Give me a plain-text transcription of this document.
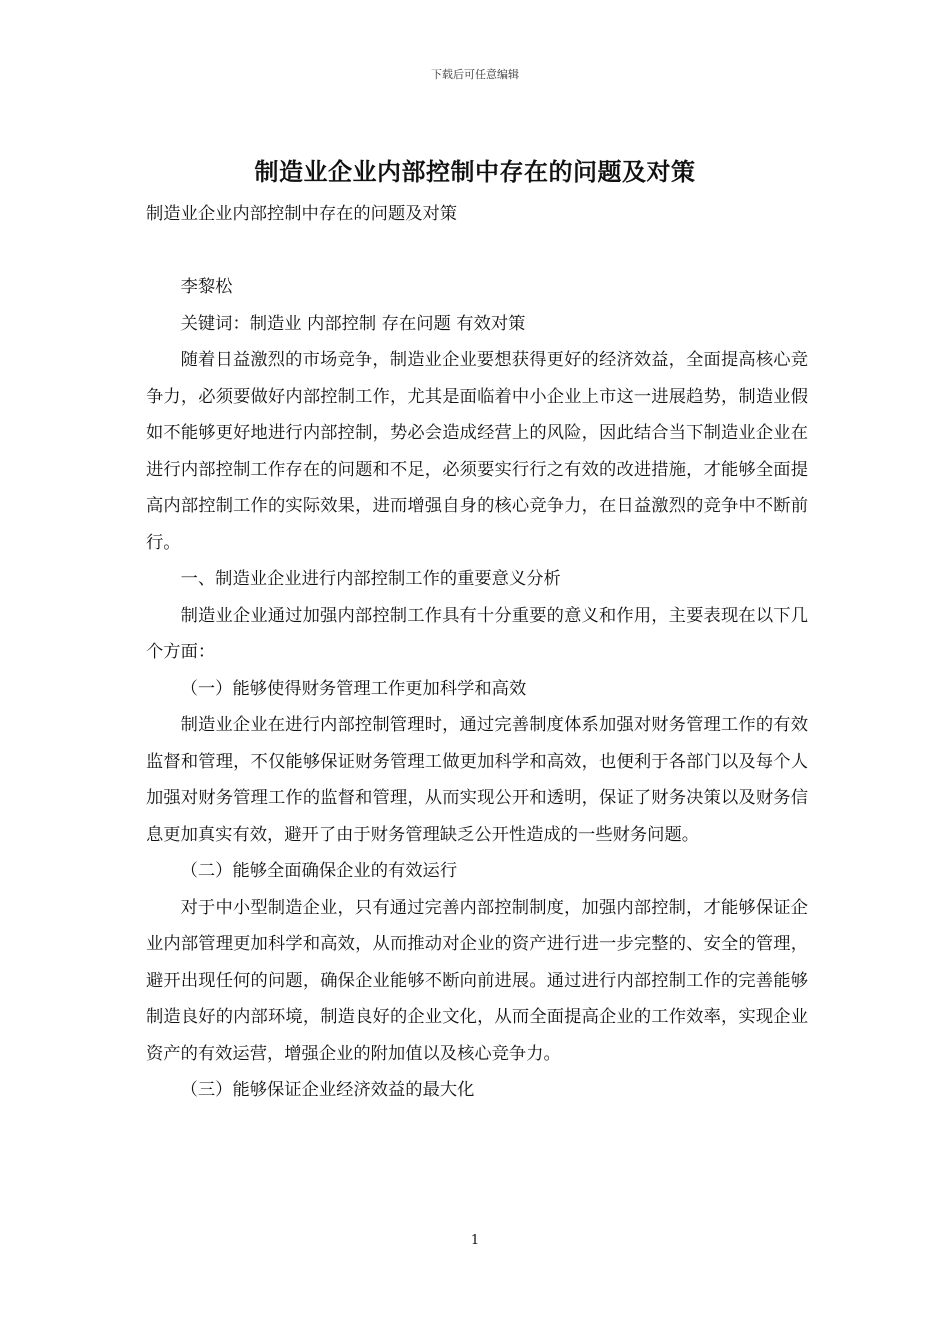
下载后可任意编辑
制造业企业内部控制中存在的问题及对策

制造业企业内部控制中存在的问题及对策

李黎松

关键词：制造业 内部控制 存在问题 有效对策

随着日益激烈的市场竞争，制造业企业要想获得更好的经济效益，全面提高核心竞争力，必须要做好内部控制工作，尤其是面临着中小企业上市这一进展趋势，制造业假如不能够更好地进行内部控制，势必会造成经营上的风险，因此结合当下制造业企业在进行内部控制工作存在的问题和不足，必须要实行行之有效的改进措施，才能够全面提高内部控制工作的实际效果，进而增强自身的核心竞争力，在日益激烈的竞争中不断前行。

一、制造业企业进行内部控制工作的重要意义分析

制造业企业通过加强内部控制工作具有十分重要的意义和作用，主要表现在以下几个方面：

（一）能够使得财务管理工作更加科学和高效

制造业企业在进行内部控制管理时，通过完善制度体系加强对财务管理工作的有效监督和管理，不仅能够保证财务管理工做更加科学和高效，也便利于各部门以及每个人加强对财务管理工作的监督和管理，从而实现公开和透明，保证了财务决策以及财务信息更加真实有效，避开了由于财务管理缺乏公开性造成的一些财务问题。

（二）能够全面确保企业的有效运行

对于中小型制造企业，只有通过完善内部控制制度，加强内部控制，才能够保证企业内部管理更加科学和高效，从而推动对企业的资产进行进一步完整的、安全的管理，避开出现任何的问题，确保企业能够不断向前进展。通过进行内部控制工作的完善能够制造良好的内部环境，制造良好的企业文化，从而全面提高企业的工作效率，实现企业资产的有效运营，增强企业的附加值以及核心竞争力。

（三）能够保证企业经济效益的最大化

1
